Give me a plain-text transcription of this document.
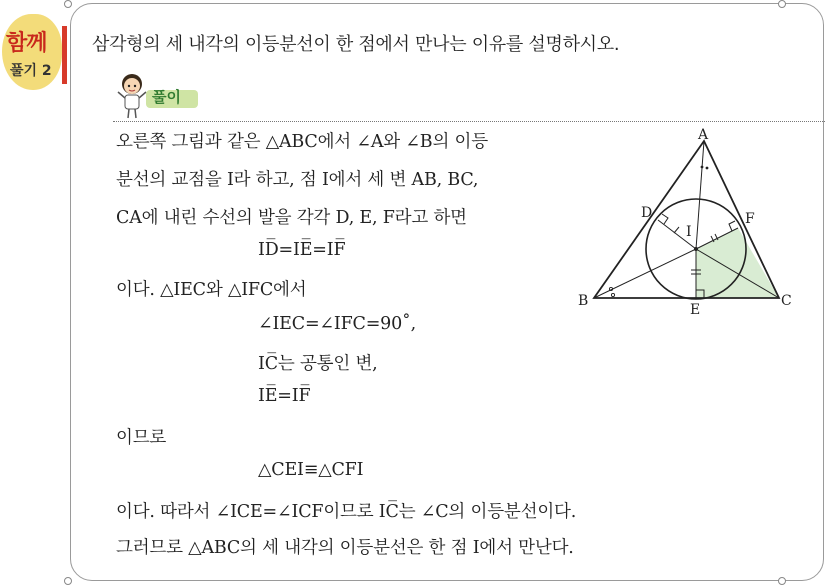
함께
풀기 2
삼각형의 세 내각의 이등분선이 한 점에서 만나는 이유를 설명하시오.
풀이
오른쪽 그림과 같은 △ABC에서 ∠A와 ∠B의 이등
분선의 교점을 I라 하고, 점 I에서 세 변 AB, BC,
CA에 내린 수선의 발을 각각 D, E, F라고 하면
ID̅=IE̅=IF̅
이다. △IEC와 △IFC에서
∠IEC=∠IFC=90˚,
IC̅는 공통인 변,
IE̅=IF̅
이므로
△CEI≡△CFI
이다. 따라서 ∠ICE=∠ICF이므로 IC̅는 ∠C의 이등분선이다.
그러므로 △ABC의 세 내각의 이등분선은 한 점 I에서 만난다.
A
B	C
D
E
F
I
